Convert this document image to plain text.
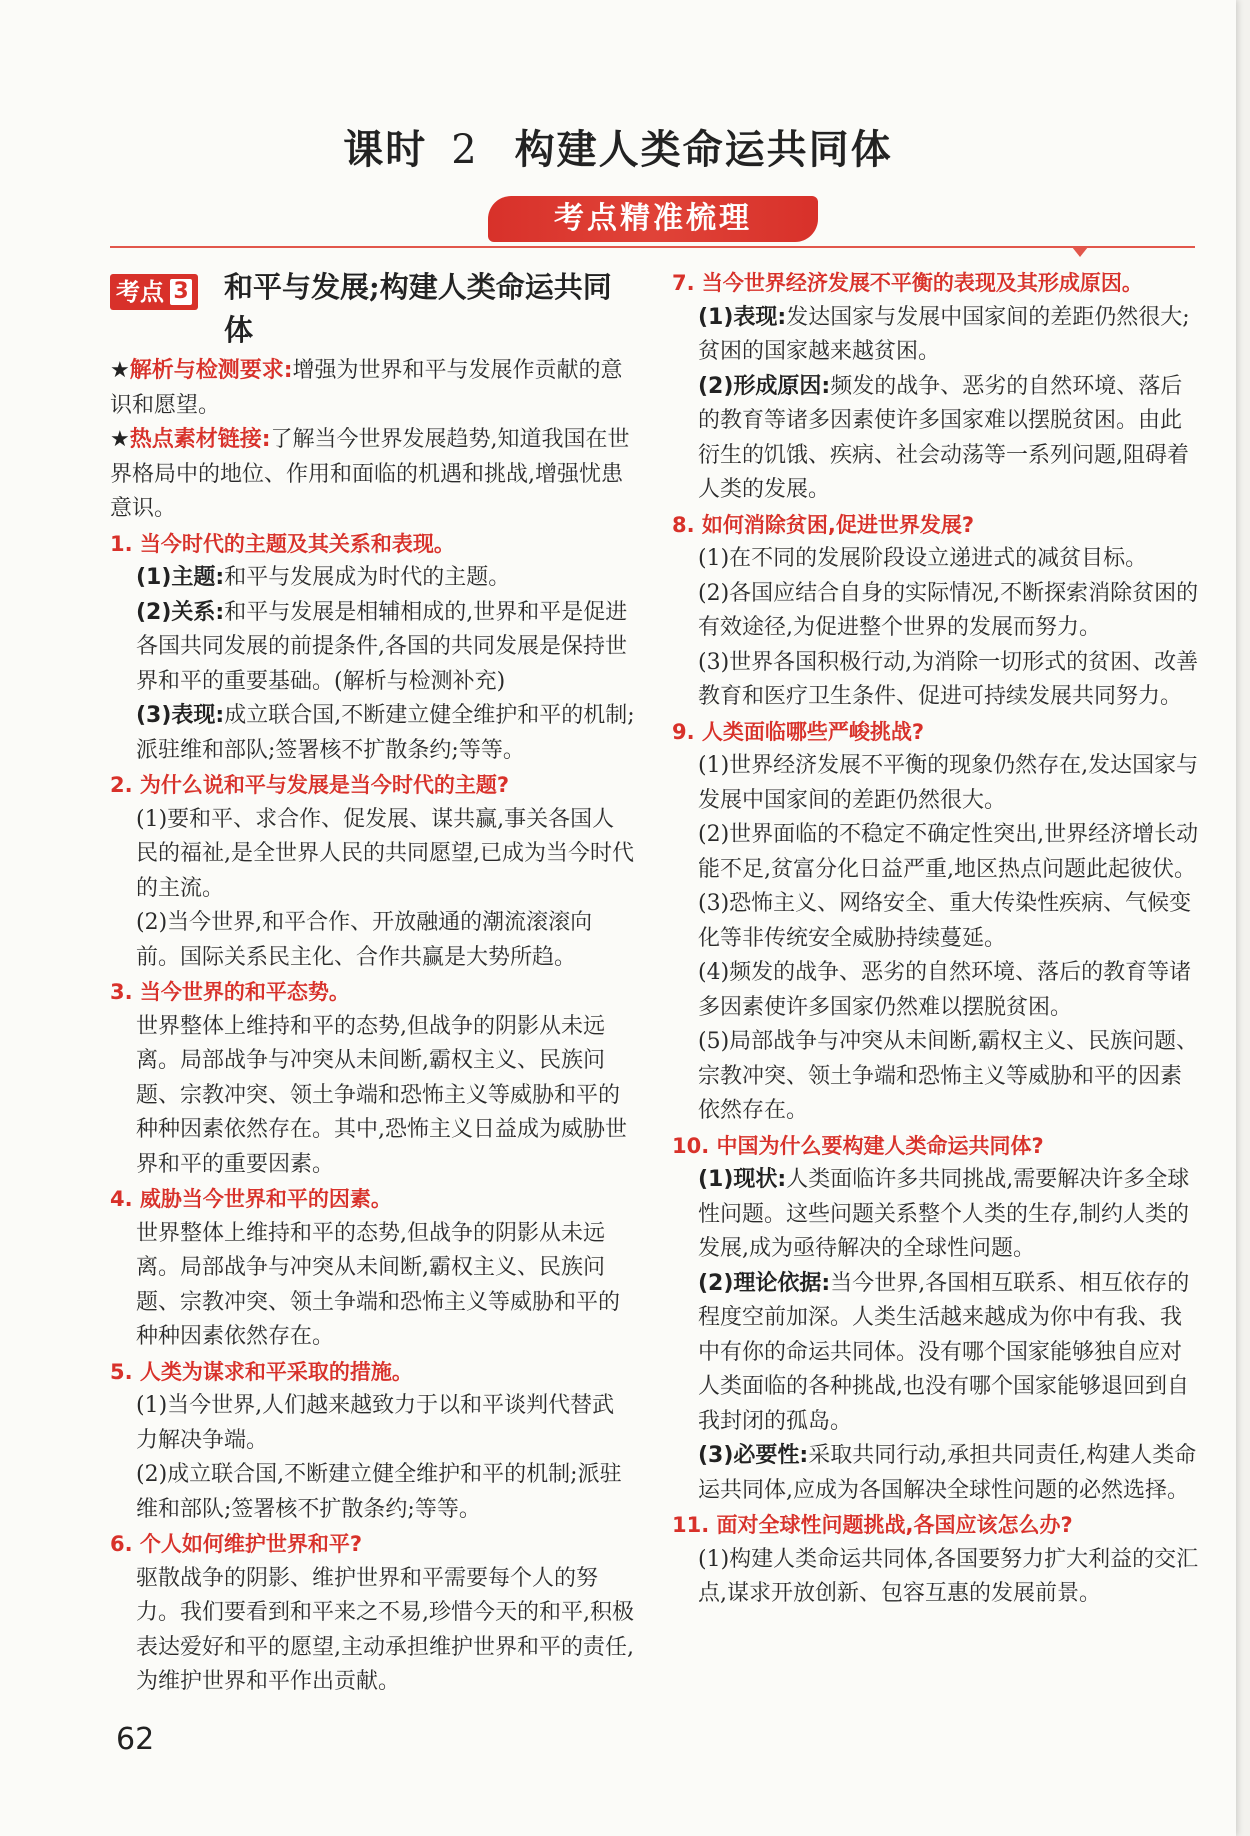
课时 2 构建人类命运共同体
考点精准梳理
考点 3 和平与发展;构建人类命运共同体

★解析与检测要求:增强为世界和平与发展作贡献的意识和愿望。

★热点素材链接:了解当今世界发展趋势,知道我国在世界格局中的地位、作用和面临的机遇和挑战,增强忧患意识。

1. 当今时代的主题及其关系和表现。

(1)主题:和平与发展成为时代的主题。

(2)关系:和平与发展是相辅相成的,世界和平是促进各国共同发展的前提条件,各国的共同发展是保持世界和平的重要基础。(解析与检测补充)

(3)表现:成立联合国,不断建立健全维护和平的机制;派驻维和部队;签署核不扩散条约;等等。

2. 为什么说和平与发展是当今时代的主题?

(1)要和平、求合作、促发展、谋共赢,事关各国人民的福祉,是全世界人民的共同愿望,已成为当今时代的主流。

(2)当今世界,和平合作、开放融通的潮流滚滚向前。国际关系民主化、合作共赢是大势所趋。

3. 当今世界的和平态势。

世界整体上维持和平的态势,但战争的阴影从未远离。局部战争与冲突从未间断,霸权主义、民族问题、宗教冲突、领土争端和恐怖主义等威胁和平的种种因素依然存在。其中,恐怖主义日益成为威胁世界和平的重要因素。

4. 威胁当今世界和平的因素。

世界整体上维持和平的态势,但战争的阴影从未远离。局部战争与冲突从未间断,霸权主义、民族问题、宗教冲突、领土争端和恐怖主义等威胁和平的种种因素依然存在。

5. 人类为谋求和平采取的措施。

(1)当今世界,人们越来越致力于以和平谈判代替武力解决争端。

(2)成立联合国,不断建立健全维护和平的机制;派驻维和部队;签署核不扩散条约;等等。

6. 个人如何维护世界和平?

驱散战争的阴影、维护世界和平需要每个人的努力。我们要看到和平来之不易,珍惜今天的和平,积极表达爱好和平的愿望,主动承担维护世界和平的责任,为维护世界和平作出贡献。

7. 当今世界经济发展不平衡的表现及其形成原因。

(1)表现:发达国家与发展中国家间的差距仍然很大;贫困的国家越来越贫困。

(2)形成原因:频发的战争、恶劣的自然环境、落后的教育等诸多因素使许多国家难以摆脱贫困。由此衍生的饥饿、疾病、社会动荡等一系列问题,阻碍着人类的发展。

8. 如何消除贫困,促进世界发展?

(1)在不同的发展阶段设立递进式的减贫目标。

(2)各国应结合自身的实际情况,不断探索消除贫困的有效途径,为促进整个世界的发展而努力。

(3)世界各国积极行动,为消除一切形式的贫困、改善教育和医疗卫生条件、促进可持续发展共同努力。

9. 人类面临哪些严峻挑战?

(1)世界经济发展不平衡的现象仍然存在,发达国家与发展中国家间的差距仍然很大。

(2)世界面临的不稳定不确定性突出,世界经济增长动能不足,贫富分化日益严重,地区热点问题此起彼伏。

(3)恐怖主义、网络安全、重大传染性疾病、气候变化等非传统安全威胁持续蔓延。

(4)频发的战争、恶劣的自然环境、落后的教育等诸多因素使许多国家仍然难以摆脱贫困。

(5)局部战争与冲突从未间断,霸权主义、民族问题、宗教冲突、领土争端和恐怖主义等威胁和平的因素依然存在。

10. 中国为什么要构建人类命运共同体?

(1)现状:人类面临许多共同挑战,需要解决许多全球性问题。这些问题关系整个人类的生存,制约人类的发展,成为亟待解决的全球性问题。

(2)理论依据:当今世界,各国相互联系、相互依存的程度空前加深。人类生活越来越成为你中有我、我中有你的命运共同体。没有哪个国家能够独自应对人类面临的各种挑战,也没有哪个国家能够退回到自我封闭的孤岛。

(3)必要性:采取共同行动,承担共同责任,构建人类命运共同体,应成为各国解决全球性问题的必然选择。

11. 面对全球性问题挑战,各国应该怎么办?

(1)构建人类命运共同体,各国要努力扩大利益的交汇点,谋求开放创新、包容互惠的发展前景。

62
